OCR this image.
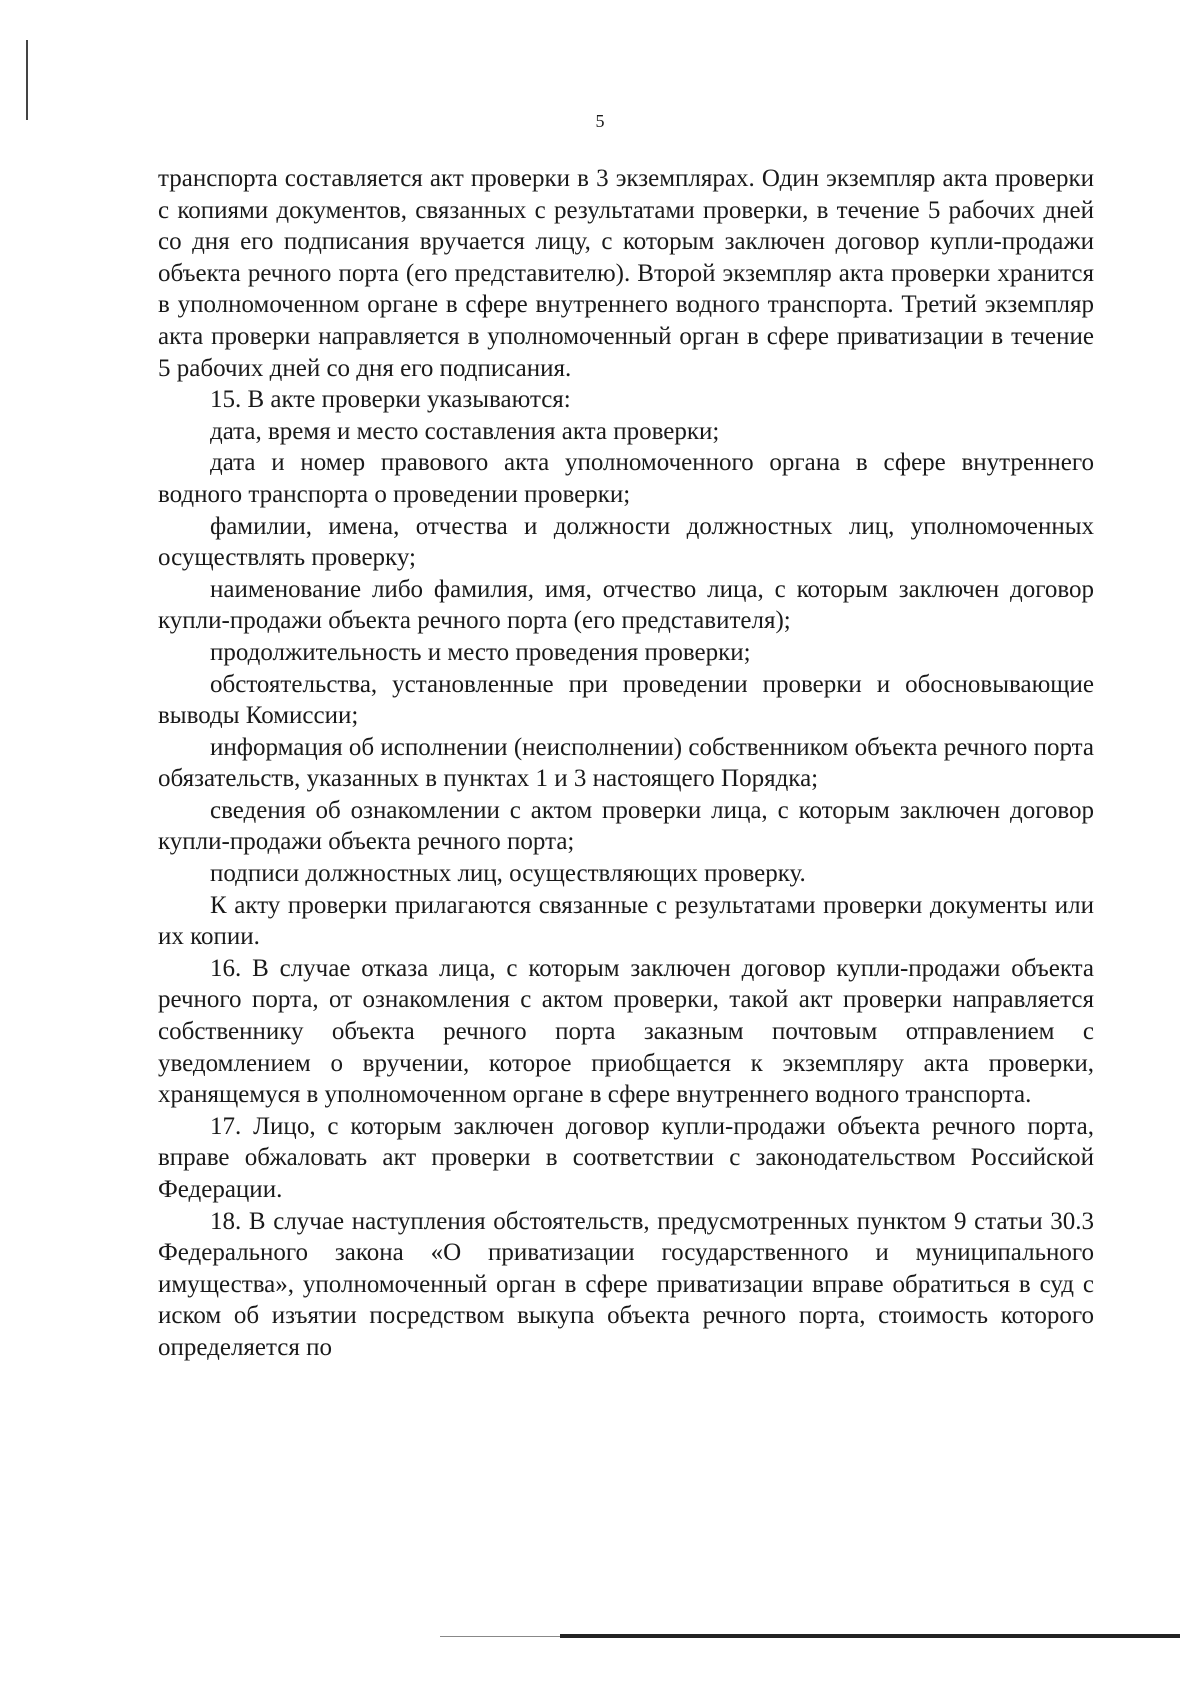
5

транспорта составляется акт проверки в 3 экземплярах. Один экземпляр акта проверки с копиями документов, связанных с результатами проверки, в течение 5 рабочих дней со дня его подписания вручается лицу, с которым заключен договор купли-продажи объекта речного порта (его представителю). Второй экземпляр акта проверки хранится в уполномоченном органе в сфере внутреннего водного транспорта. Третий экземпляр акта проверки направляется в уполномоченный орган в сфере приватизации в течение 5 рабочих дней со дня его подписания.

15. В акте проверки указываются:

дата, время и место составления акта проверки;

дата и номер правового акта уполномоченного органа в сфере внутреннего водного транспорта о проведении проверки;

фамилии, имена, отчества и должности должностных лиц, уполномоченных осуществлять проверку;

наименование либо фамилия, имя, отчество лица, с которым заключен договор купли-продажи объекта речного порта (его представителя);

продолжительность и место проведения проверки;

обстоятельства, установленные при проведении проверки и обосновывающие выводы Комиссии;

информация об исполнении (неисполнении) собственником объекта речного порта обязательств, указанных в пунктах 1 и 3 настоящего Порядка;

сведения об ознакомлении с актом проверки лица, с которым заключен договор купли-продажи объекта речного порта;

подписи должностных лиц, осуществляющих проверку.

К акту проверки прилагаются связанные с результатами проверки документы или их копии.

16. В случае отказа лица, с которым заключен договор купли-продажи объекта речного порта, от ознакомления с актом проверки, такой акт проверки направляется собственнику объекта речного порта заказным почтовым отправлением с уведомлением о вручении, которое приобщается к экземпляру акта проверки, хранящемуся в уполномоченном органе в сфере внутреннего водного транспорта.

17. Лицо, с которым заключен договор купли-продажи объекта речного порта, вправе обжаловать акт проверки в соответствии с законодательством Российской Федерации.

18. В случае наступления обстоятельств, предусмотренных пунктом 9 статьи 30.3 Федерального закона «О приватизации государственного и муниципального имущества», уполномоченный орган в сфере приватизации вправе обратиться в суд с иском об изъятии посредством выкупа объекта речного порта, стоимость которого определяется по
